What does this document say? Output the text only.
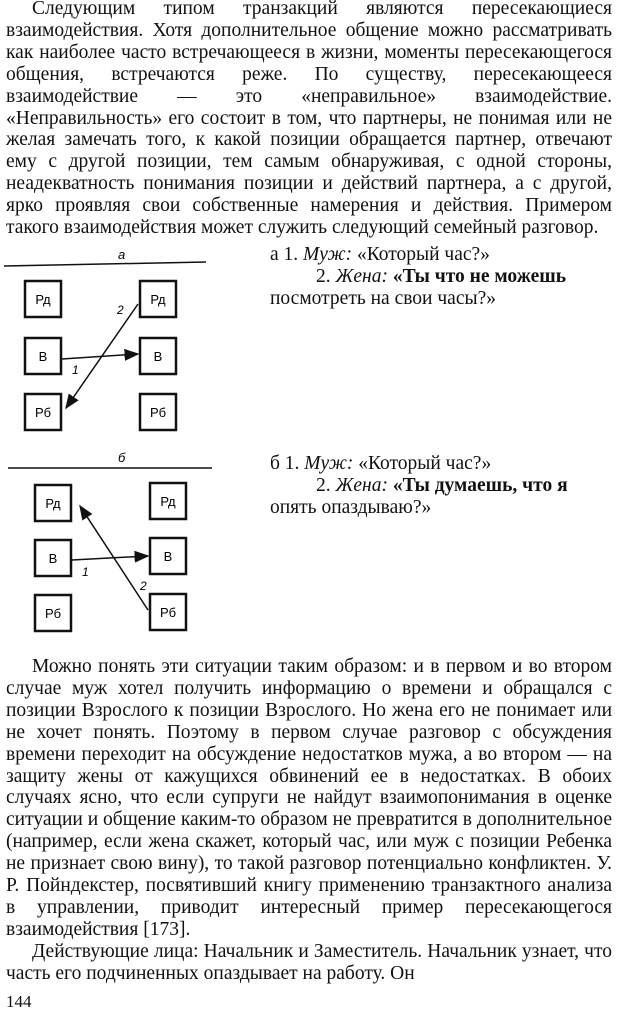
Следующим типом транзакций являются пересекающиеся взаимодействия. Хотя дополнительное общение можно рассматривать как наиболее часто встречающееся в жизни, моменты пересекающегося общения, встречаются реже. По существу, пересекающееся взаимодействие — это «неправильное» взаимодействие. «Неправильность» его состоит в том, что партнеры, не понимая или не желая замечать того, к какой позиции обращается партнер, отвечают ему с другой позиции, тем самым обнаруживая, с одной стороны, неадекватность понимания позиции и действий партнера, а с другой, ярко проявляя свои собственные намерения и действия. Примером такого взаимодействия может служить следующий семейный разговор.

а 1. Муж: «Который час?»
2. Жена: «Ты что не можешь
посмотреть на свои часы?»
а
Рд
В
Рб
Рд
В
Рб
1
2
б 1. Муж: «Который час?»
2. Жена: «Ты думаешь, что я
опять опаздываю?»
б
Рд
В
Рб
Рд
В
Рб
1
2

Можно понять эти ситуации таким образом: и в первом и во втором случае муж хотел получить информацию о времени и обращался с позиции Взрослого к позиции Взрослого. Но жена его не понимает или не хочет понять. Поэтому в первом случае разговор с обсуждения времени переходит на обсуждение недостатков мужа, а во втором — на защиту жены от кажущихся обвинений ее в недостатках. В обоих случаях ясно, что если супруги не найдут взаимопонимания в оценке ситуации и общение каким-то образом не превратится в дополнительное (например, если жена скажет, который час, или муж с позиции Ребенка не признает свою вину), то такой разговор потенциально конфликтен. У. Р. Пойндекстер, посвятивший книгу применению транзактного анализа в управлении, приводит интересный пример пересекающегося взаимодействия [173].

Действующие лица: Начальник и Заместитель. Начальник узнает, что часть его подчиненных опаздывает на работу. Он

144
